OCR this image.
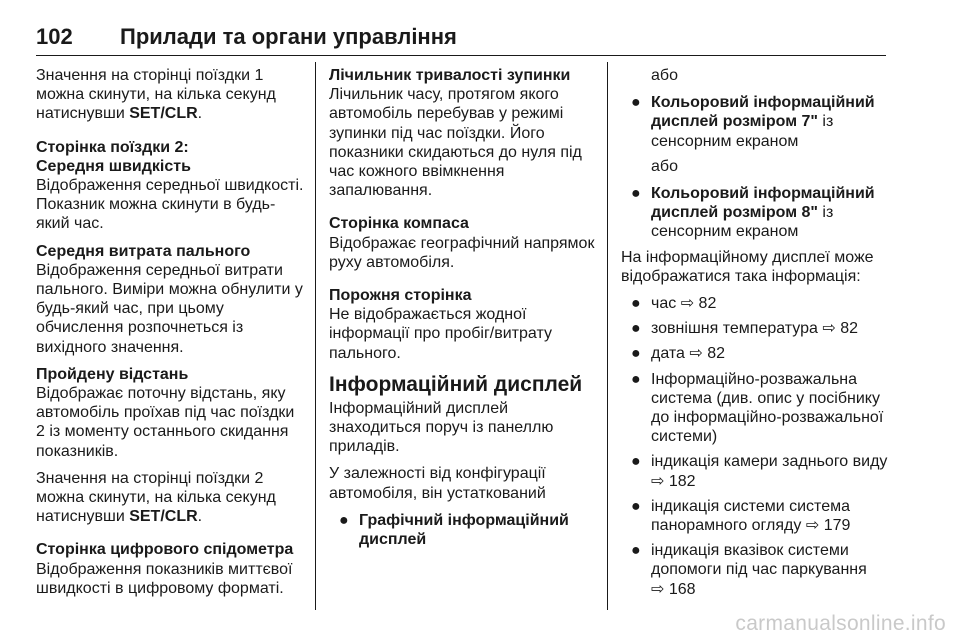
102 Прилади та органи управління

Значення на сторінці поїздки 1 можна скинути, на кілька секунд натиснувши SET/CLR.

Сторінка поїздки 2:

Середня швидкість

Відображення середньої швидкості. Показник можна скинути в будь-який час.

Середня витрата пального

Відображення середньої витрати пального. Виміри можна обнулити у будь-який час, при цьому обчислення розпочнеться із вихідного значення.

Пройдену відстань

Відображає поточну відстань, яку автомобіль проїхав під час поїздки 2 із моменту останнього скидання показників.

Значення на сторінці поїздки 2 можна скинути, на кілька секунд натиснувши SET/CLR.

Сторінка цифрового спідометра

Відображення показників миттєвої швидкості в цифровому форматі.

Лічильник тривалості зупинки

Лічильник часу, протягом якого автомобіль перебував у режимі зупинки під час поїздки. Його показники скидаються до нуля під час кожного ввімкнення запалювання.

Сторінка компаса

Відображає географічний напрямок руху автомобіля.

Порожня сторінка

Не відображається жодної інформації про пробіг/витрату пального.

Інформаційний дисплей

Інформаційний дисплей знаходиться поруч із панеллю приладів.

У залежності від конфігурації автомобіля, він устаткований

● Графічний інформаційний дисплей

або

● Кольоровий інформаційний дисплей розміром 7" із сенсорним екраном

або

● Кольоровий інформаційний дисплей розміром 8" із сенсорним екраном

На інформаційному дисплеї може відображатися така інформація:

● час ⇨ 82
● зовнішня температура ⇨ 82
● дата ⇨ 82
● Інформаційно-розважальна система (див. опис у посібнику до інформаційно-розважальної системи)
● індикація камери заднього виду ⇨ 182
● індикація системи система панорамного огляду ⇨ 179
● індикація вказівок системи допомоги під час паркування
⇨ 168
carmanualsonline.info
